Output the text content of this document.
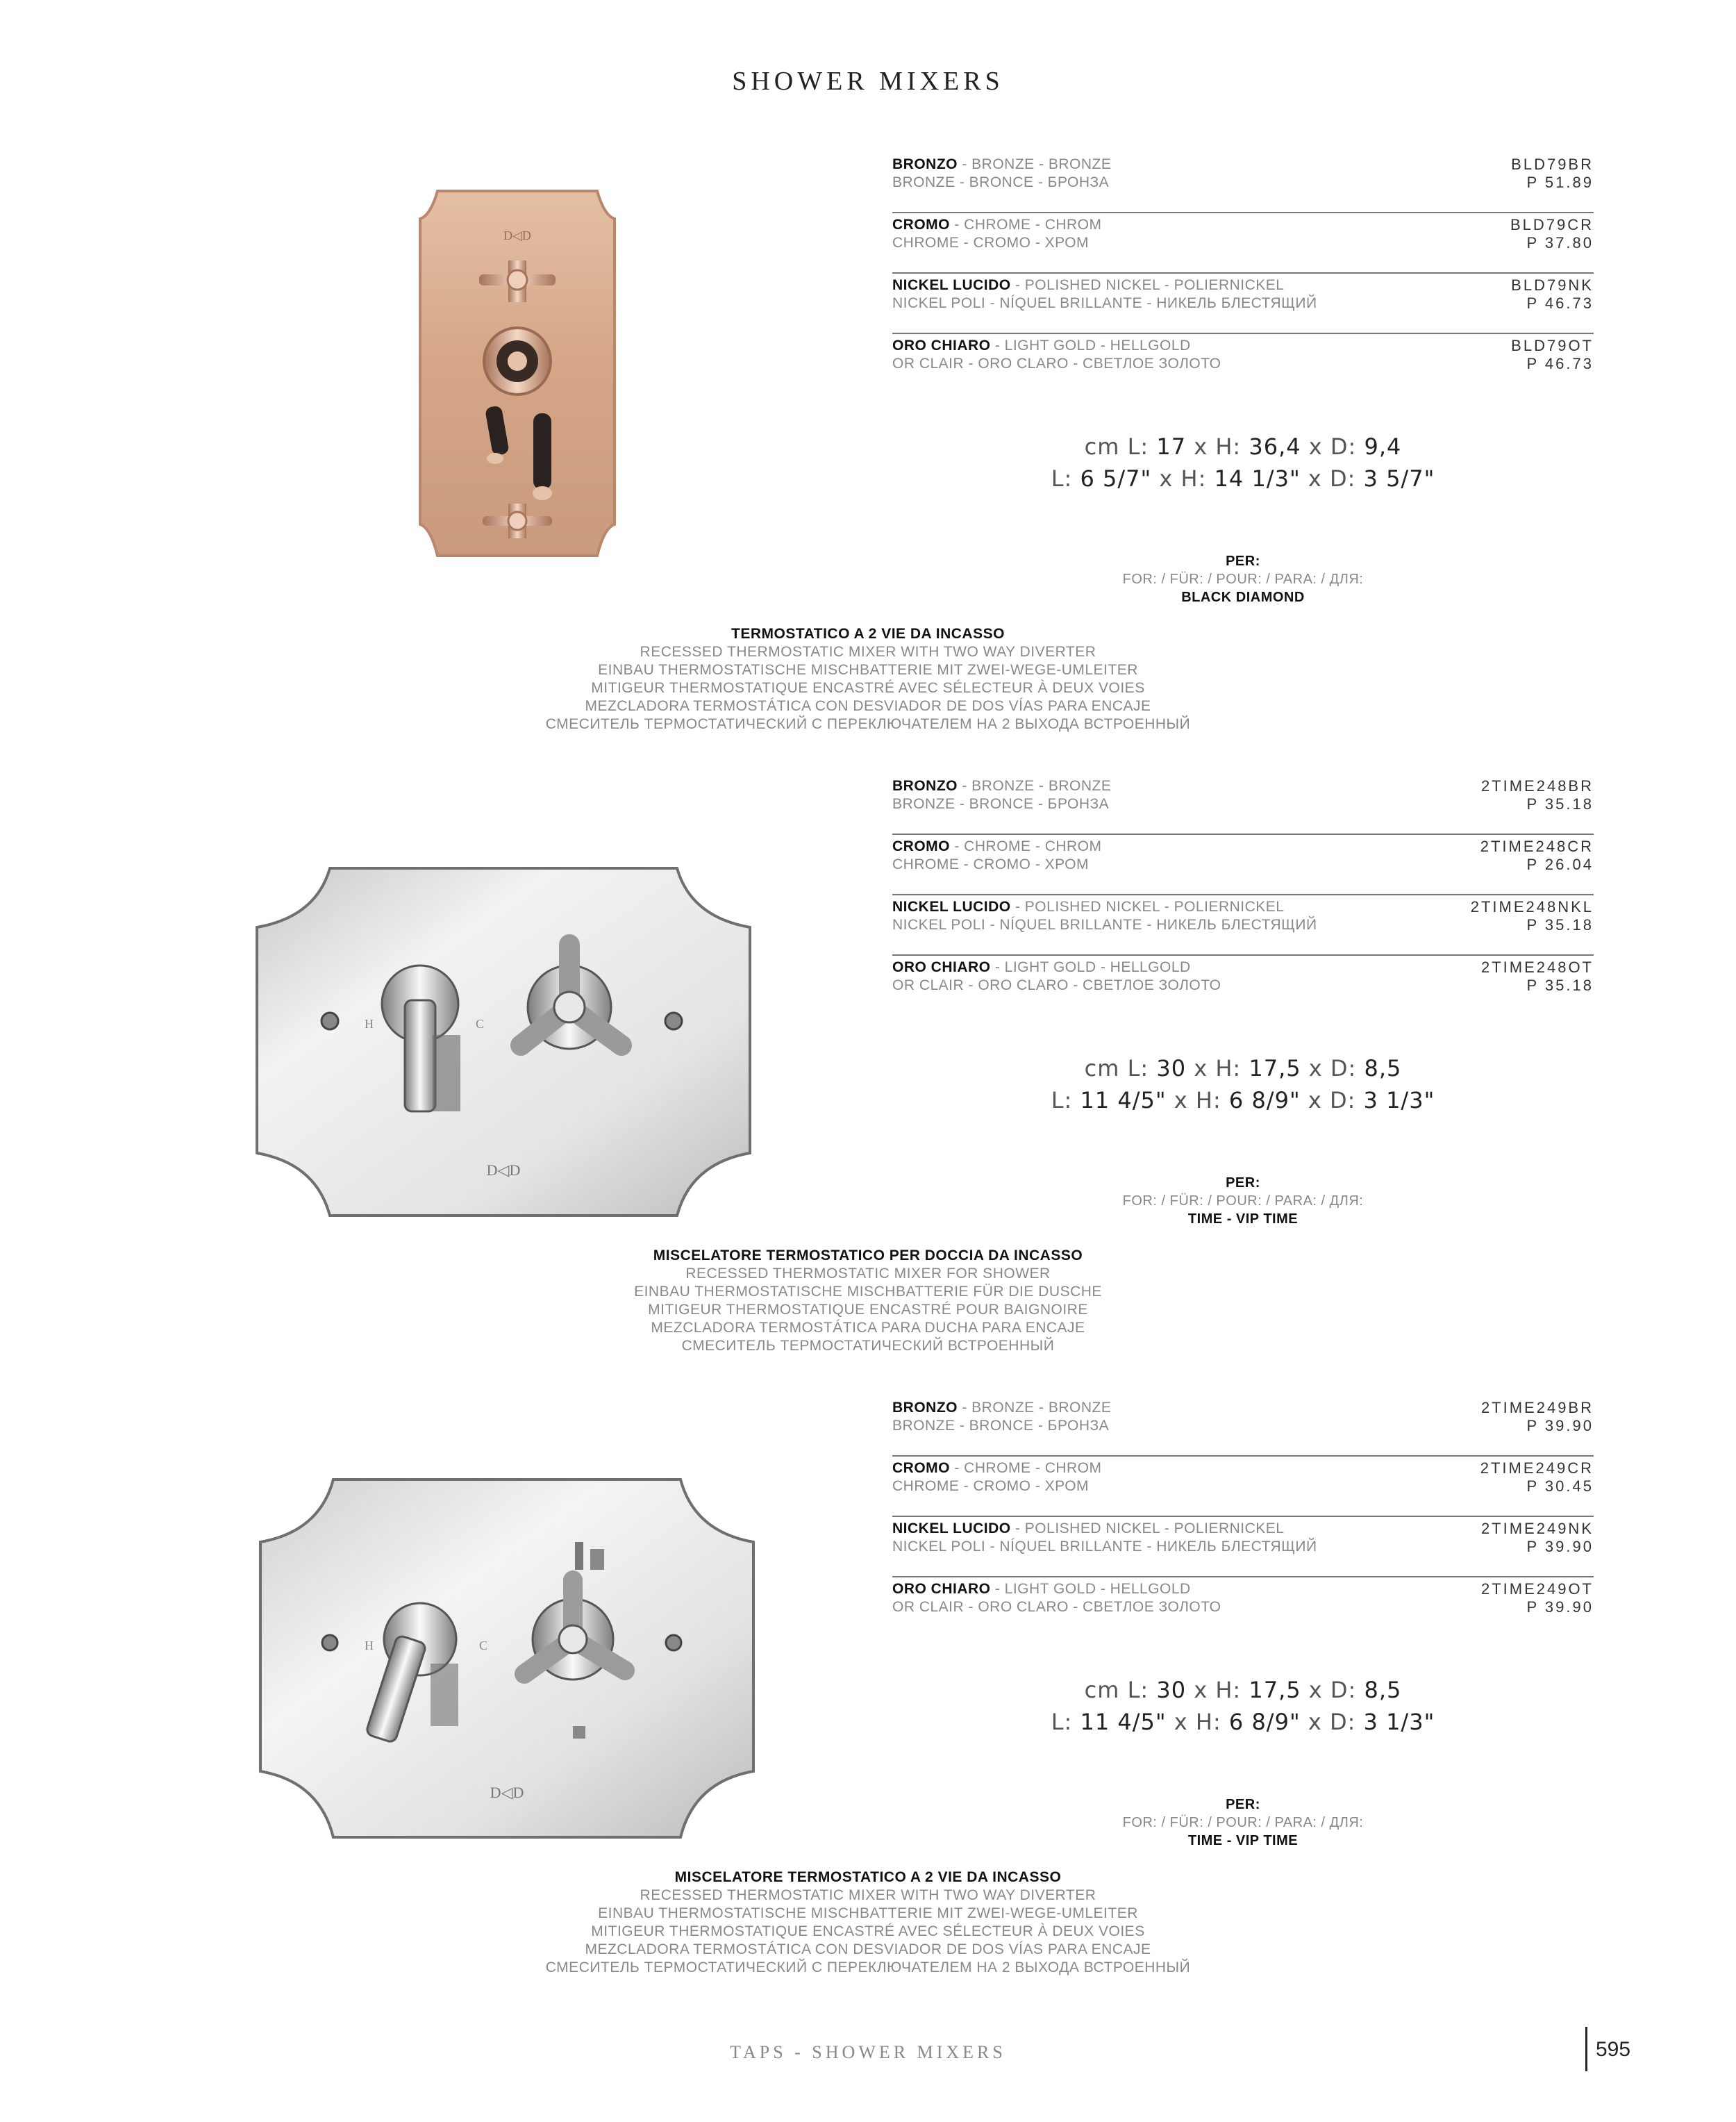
SHOWER MIXERS
D◁D
BRONZO - BRONZE - BRONZE
BRONZE - BRONCE - БРОНЗА
BLD79BR
P 51.89
CROMO - CHROME - CHROM
CHROME - CROMO - ХРОМ
BLD79CR
P 37.80
NICKEL LUCIDO - POLISHED NICKEL - POLIERNICKEL
NICKEL POLI - NÍQUEL BRILLANTE - НИКЕЛЬ БЛЕСТЯЩИЙ
BLD79NK
P 46.73
ORO CHIARO - LIGHT GOLD - HELLGOLD
OR CLAIR - ORO CLARO - СВЕТЛОЕ ЗОЛОТО
BLD79OT
P 46.73
cm L: 17 x H: 36,4 x D: 9,4
L: 6 5/7" x H: 14 1/3" x D: 3 5/7"
PER:
FOR: / FÜR: / POUR: / PARA: / ДЛЯ:
BLACK DIAMOND
TERMOSTATICO A 2 VIE DA INCASSO
RECESSED THERMOSTATIC MIXER WITH TWO WAY DIVERTER
EINBAU THERMOSTATISCHE MISCHBATTERIE MIT ZWEI-WEGE-UMLEITER
MITIGEUR THERMOSTATIQUE ENCASTRÉ AVEC SÉLECTEUR À DEUX VOIES
MEZCLADORA TERMOSTÁTICA CON DESVIADOR DE DOS VÍAS PARA ENCAJE
СМЕСИТЕЛЬ ТЕРМОСТАТИЧЕСКИЙ С ПЕРЕКЛЮЧАТЕЛЕМ НА 2 ВЫХОДА ВСТРОЕННЫЙ
H	C
D◁D
BRONZO - BRONZE - BRONZE
BRONZE - BRONCE - БРОНЗА
2TIME248BR
P 35.18
CROMO - CHROME - CHROM
CHROME - CROMO - ХРОМ
2TIME248CR
P 26.04
NICKEL LUCIDO - POLISHED NICKEL - POLIERNICKEL
NICKEL POLI - NÍQUEL BRILLANTE - НИКЕЛЬ БЛЕСТЯЩИЙ
2TIME248NKL
P 35.18
ORO CHIARO - LIGHT GOLD - HELLGOLD
OR CLAIR - ORO CLARO - СВЕТЛОЕ ЗОЛОТО
2TIME248OT
P 35.18
cm L: 30 x H: 17,5 x D: 8,5
L: 11 4/5" x H: 6 8/9" x D: 3 1/3"
PER:
FOR: / FÜR: / POUR: / PARA: / ДЛЯ:
TIME - VIP TIME
MISCELATORE TERMOSTATICO PER DOCCIA DA INCASSO
RECESSED THERMOSTATIC MIXER FOR SHOWER
EINBAU THERMOSTATISCHE MISCHBATTERIE FÜR DIE DUSCHE
MITIGEUR THERMOSTATIQUE ENCASTRÉ POUR BAIGNOIRE
MEZCLADORA TERMOSTÁTICA PARA DUCHA PARA ENCAJE
СМЕСИТЕЛЬ ТЕРМОСТАТИЧЕСКИЙ ВСТРОЕННЫЙ
H	C
D◁D
BRONZO - BRONZE - BRONZE
BRONZE - BRONCE - БРОНЗА
2TIME249BR
P 39.90
CROMO - CHROME - CHROM
CHROME - CROMO - ХРОМ
2TIME249CR
P 30.45
NICKEL LUCIDO - POLISHED NICKEL - POLIERNICKEL
NICKEL POLI - NÍQUEL BRILLANTE - НИКЕЛЬ БЛЕСТЯЩИЙ
2TIME249NK
P 39.90
ORO CHIARO - LIGHT GOLD - HELLGOLD
OR CLAIR - ORO CLARO - СВЕТЛОЕ ЗОЛОТО
2TIME249OT
P 39.90
cm L: 30 x H: 17,5 x D: 8,5
L: 11 4/5" x H: 6 8/9" x D: 3 1/3"
PER:
FOR: / FÜR: / POUR: / PARA: / ДЛЯ:
TIME - VIP TIME
MISCELATORE TERMOSTATICO A 2 VIE DA INCASSO
RECESSED THERMOSTATIC MIXER WITH TWO WAY DIVERTER
EINBAU THERMOSTATISCHE MISCHBATTERIE MIT ZWEI-WEGE-UMLEITER
MITIGEUR THERMOSTATIQUE ENCASTRÉ AVEC SÉLECTEUR À DEUX VOIES
MEZCLADORA TERMOSTÁTICA CON DESVIADOR DE DOS VÍAS PARA ENCAJE
СМЕСИТЕЛЬ ТЕРМОСТАТИЧЕСКИЙ С ПЕРЕКЛЮЧАТЕЛЕМ НА 2 ВЫХОДА ВСТРОЕННЫЙ
TAPS - SHOWER MIXERS	595
